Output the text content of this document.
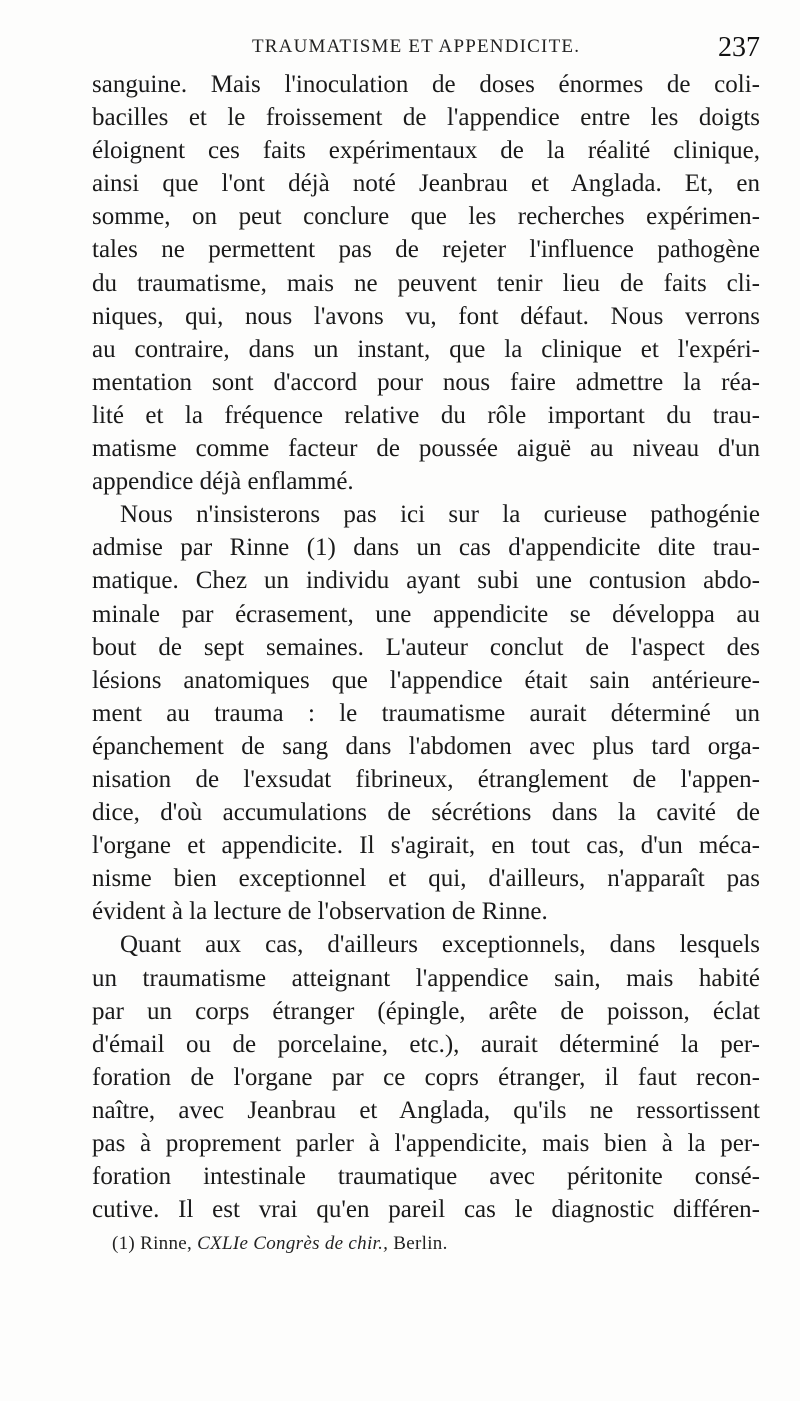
TRAUMATISME ET APPENDICITE.	237
sanguine. Mais l'inoculation de doses énormes de coli-
bacilles et le froissement de l'appendice entre les doigts
éloignent ces faits expérimentaux de la réalité clinique,
ainsi que l'ont déjà noté Jeanbrau et Anglada. Et, en
somme, on peut conclure que les recherches expérimen-
tales ne permettent pas de rejeter l'influence pathogène
du traumatisme, mais ne peuvent tenir lieu de faits cli-
niques, qui, nous l'avons vu, font défaut. Nous verrons
au contraire, dans un instant, que la clinique et l'expéri-
mentation sont d'accord pour nous faire admettre la réa-
lité et la fréquence relative du rôle important du trau-
matisme comme facteur de poussée aiguë au niveau d'un
appendice déjà enflammé.
Nous n'insisterons pas ici sur la curieuse pathogénie
admise par Rinne (1) dans un cas d'appendicite dite trau-
matique. Chez un individu ayant subi une contusion abdo-
minale par écrasement, une appendicite se développa au
bout de sept semaines. L'auteur conclut de l'aspect des
lésions anatomiques que l'appendice était sain antérieure-
ment au trauma : le traumatisme aurait déterminé un
épanchement de sang dans l'abdomen avec plus tard orga-
nisation de l'exsudat fibrineux, étranglement de l'appen-
dice, d'où accumulations de sécrétions dans la cavité de
l'organe et appendicite. Il s'agirait, en tout cas, d'un méca-
nisme bien exceptionnel et qui, d'ailleurs, n'apparaît pas
évident à la lecture de l'observation de Rinne.
Quant aux cas, d'ailleurs exceptionnels, dans lesquels
un traumatisme atteignant l'appendice sain, mais habité
par un corps étranger (épingle, arête de poisson, éclat
d'émail ou de porcelaine, etc.), aurait déterminé la per-
foration de l'organe par ce coprs étranger, il faut recon-
naître, avec Jeanbrau et Anglada, qu'ils ne ressortissent
pas à proprement parler à l'appendicite, mais bien à la per-
foration intestinale traumatique avec péritonite consé-
cutive. Il est vrai qu'en pareil cas le diagnostic différen-
(1) Rinne, CXLIe Congrès de chir., Berlin.
